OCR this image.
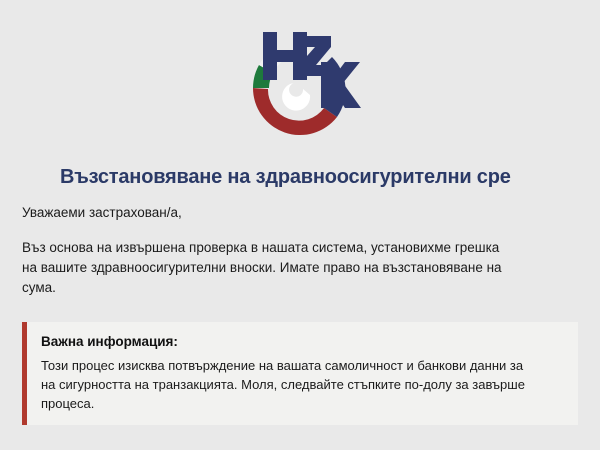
Възстановяване на здравноосигурителни сре

Уважаеми застрахован/а,

Въз основа на извършена проверка в нашата система, установихме грешка
на вашите здравноосигурителни вноски. Имате право на възстановяване на
сума.
Важна информация:
Този процес изисква потвърждение на вашата самоличност и банкови данни за
на сигурността на транзакцията. Моля, следвайте стъпките по-долу за завърше
процеса.
